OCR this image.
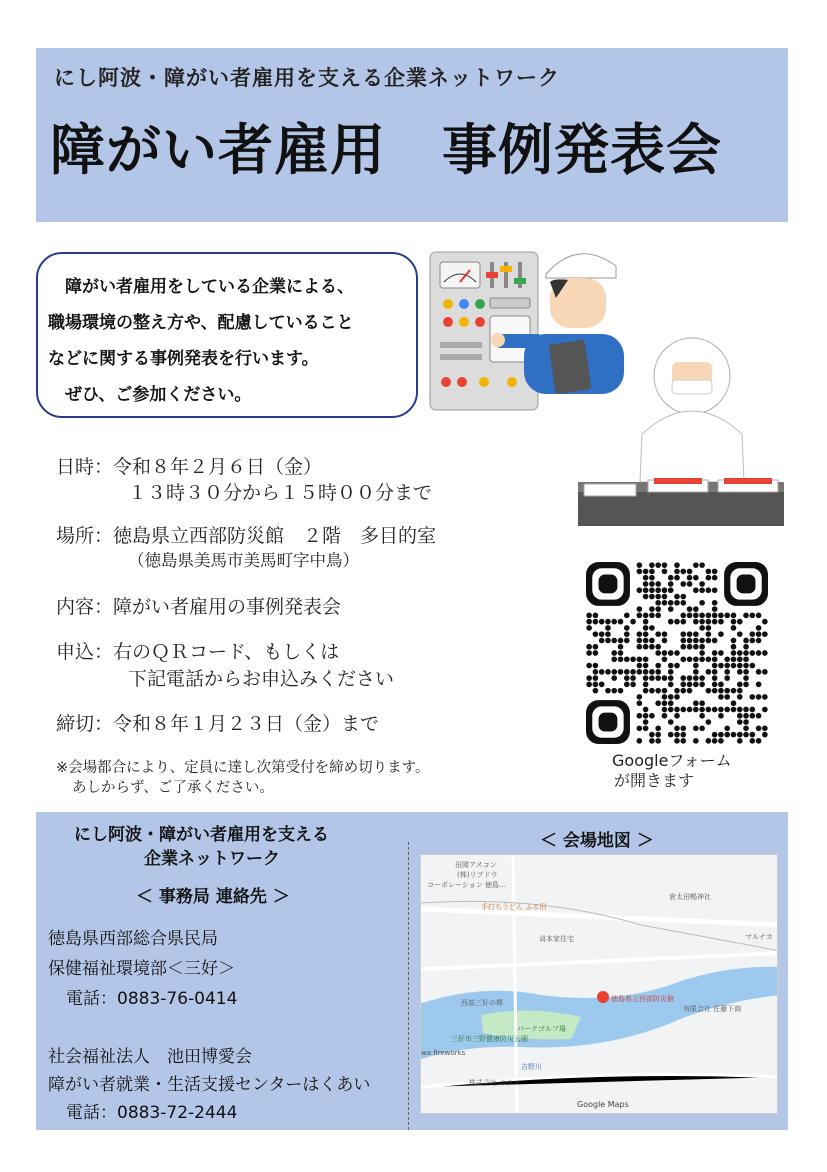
にし阿波・障がい者雇用を支える企業ネットワーク
障がい者雇用　事例発表会
　障がい者雇用をしている企業による、
職場環境の整え方や、配慮していること
などに関する事例発表を行います。
　ぜひ、ご参加ください。
日時：令和８年２月６日（金）
１３時３０分から１５時００分まで
場所：徳島県立西部防災館　２階　多目的室
（徳島県美馬市美馬町字中鳥）
内容：障がい者雇用の事例発表会
申込：右のＱＲコード、もしくは
下記電話からお申込みください
締切：令和８年１月２３日（金）まで
※会場都合により、定員に達し次第受付を締め切ります。
あしからず、ご了承ください。
Googleフォーム
が開きます
にし阿波・障がい者雇用を支える
企業ネットワーク
＜ 事務局 連絡先 ＞
徳島県西部総合県民局
保健福祉環境部＜三好＞
電話：0883-76-0414
社会福祉法人　池田博愛会
障がい者就業・生活支援センターはくあい
電話：0883-72-2444
＜ 会場地図 ＞
田岡アスコン
(株)リブドウ
コーポレーション 徳島…
手打ちうどん ふる田
倉太田鴨神社
貞本家住宅	マルナカ
徳島県立西部防災館
西部三好の郷
パークゴルフ場
三好市三野健康防災公園
wa fireworks
吉野川
株式会社 ホクベ
有限会社 佐藤下商
Google Maps
